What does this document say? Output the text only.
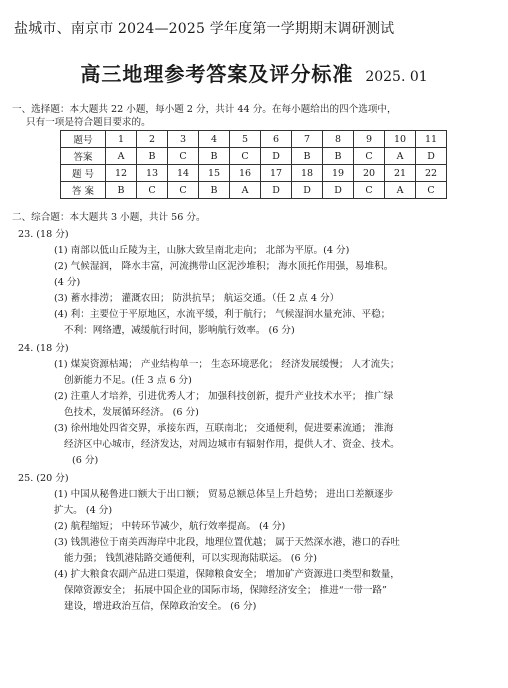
盐城市、南京市 2024—2025 学年度第一学期期末调研测试
高三地理参考答案及评分标准 2025. 01
一、选择题：本大题共 22 小题，每小题 2 分，共计 44 分。在每小题给出的四个选项中，
只有一项是符合题目要求的。
题号	1	2	3	4	5	6	7	8	9	10	11
答案	A	B	C	B	C	D	B	B	C	A	D
题 号	12	13	14	15	16	17	18	19	20	21	22
答 案	B	C	C	B	A	D	D	D	C	A	C
二、综合题：本大题共 3 小题，共计 56 分。
23. (18 分)
(1) 南部以低山丘陵为主，山脉大致呈南北走向； 北部为平原。(4 分)
(2) 气候湿润， 降水丰富，河流携带山区泥沙堆积； 海水顶托作用强，易堆积。
(4 分)
(3) 蓄水排涝； 灌溉农田； 防洪抗旱； 航运交通。（任 2 点 4 分）
(4) 利：主要位于平原地区，水流平缓，利于航行； 气候湿润水量充沛、平稳；
不利：网络遭，减缓航行时间，影响航行效率。 (6 分)
24. (18 分)
(1) 煤炭资源枯竭； 产业结构单一； 生态环境恶化； 经济发展缓慢； 人才流失；
创新能力不足。(任 3 点 6 分)
(2) 注重人才培养，引进优秀人才； 加强科技创新，提升产业技术水平； 推广绿
色技术，发展循环经济。 (6 分)
(3) 徐州地处四省交界，承接东西，互联南北； 交通便利，促进要素流通； 淮海
经济区中心城市，经济发达，对周边城市有辐射作用，提供人才、资金、技术。
(6 分)
25. (20 分)
(1) 中国从秘鲁进口额大于出口额； 贸易总额总体呈上升趋势； 进出口差额逐步
扩大。 (4 分)
(2) 航程缩短； 中转环节减少，航行效率提高。 (4 分)
(3) 钱凯港位于南美西海岸中北段，地理位置优越； 属于天然深水港，港口的吞吐
能力强； 钱凯港陆路交通便利，可以实现海陆联运。 (6 分)
(4) 扩大粮食农副产品进口渠道，保障粮食安全； 增加矿产资源进口类型和数量，
保障资源安全； 拓展中国企业的国际市场，保障经济安全； 推进“一带一路”
建设，增进政治互信，保障政治安全。 (6 分)
